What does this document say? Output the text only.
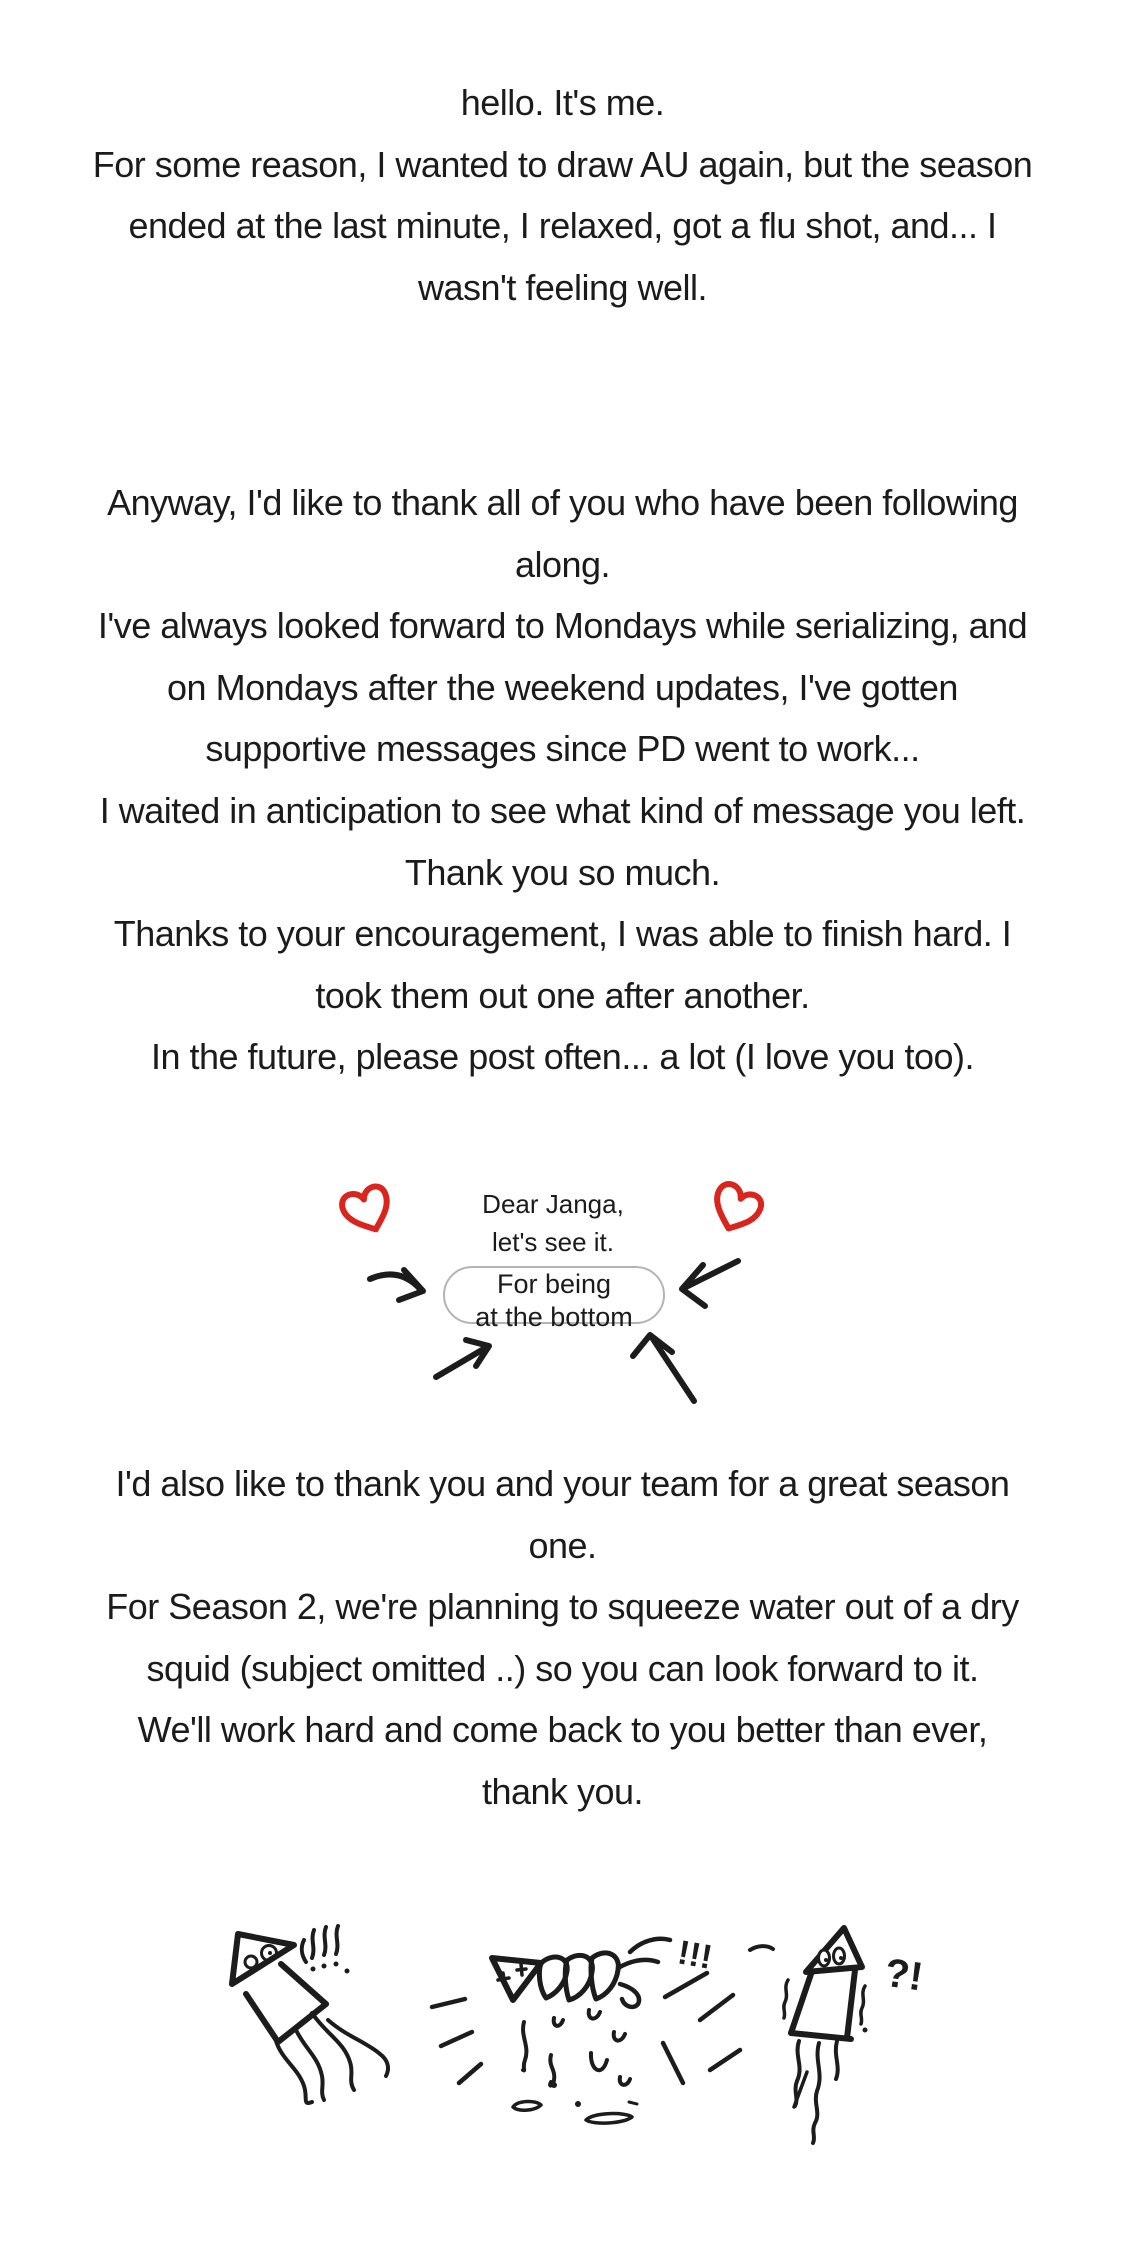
hello. It's me.
For some reason, I wanted to draw AU again, but the season
ended at the last minute, I relaxed, got a flu shot, and... I
wasn't feeling well.
Anyway, I'd like to thank all of you who have been following
along.
I've always looked forward to Mondays while serializing, and
on Mondays after the weekend updates, I've gotten
supportive messages since PD went to work...
I waited in anticipation to see what kind of message you left.
Thank you so much.
Thanks to your encouragement, I was able to finish hard. I
took them out one after another.
In the future, please post often... a lot (I love you too).
Dear Janga,
let's see it.
For being
at the bottom
I'd also like to thank you and your team for a great season
one.
For Season 2, we're planning to squeeze water out of a dry
squid (subject omitted ..) so you can look forward to it.
We'll work hard and come back to you better than ever,
thank you.
!!!	?!
